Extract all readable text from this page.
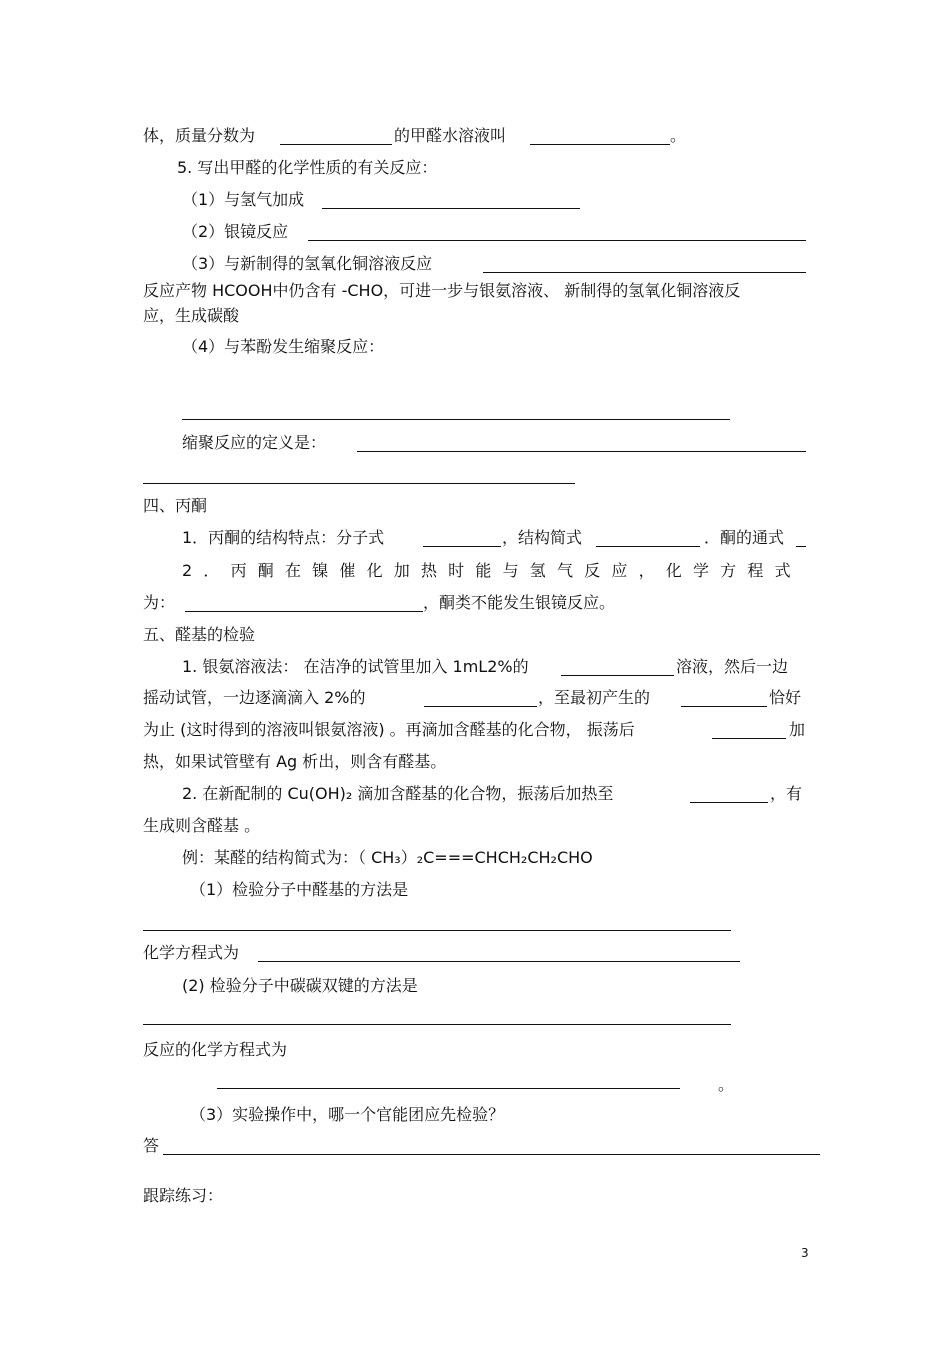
体，质量分数为	的甲醛水溶液叫	。
5. 写出甲醛的化学性质的有关反应：
（1）与氢气加成
（2）银镜反应
（3）与新制得的氢氧化铜溶液反应
反应产物 HCOOH中仍含有 -CHO，可进一步与银氨溶液、 新制得的氢氧化铜溶液反
应，生成碳酸
（4）与苯酚发生缩聚反应：
缩聚反应的定义是：
四、丙酮
1．丙酮的结构特点：分子式	，结构简式	．酮的通式
2．丙酮在镍催化加热时能与氢气反应，化学方程式
为：	，酮类不能发生银镜反应。
五、醛基的检验
1. 银氨溶液法： 在洁净的试管里加入 1mL2%的	溶液，然后一边
摇动试管，一边逐滴滴入 2%的	，至最初产生的	恰好
为止 (这时得到的溶液叫银氨溶液) 。再滴加含醛基的化合物， 振荡后	加
热，如果试管壁有 Ag 析出，则含有醛基。
2. 在新配制的 Cu(OH)₂ 滴加含醛基的化合物，振荡后加热至	，有
生成则含醛基 。
例：某醛的结构简式为：（ CH₃）₂C===CHCH₂CH₂CHO
（1）检验分子中醛基的方法是
化学方程式为
(2) 检验分子中碳碳双键的方法是
反应的化学方程式为
。
（3）实验操作中，哪一个官能团应先检验？
答
跟踪练习：
3
